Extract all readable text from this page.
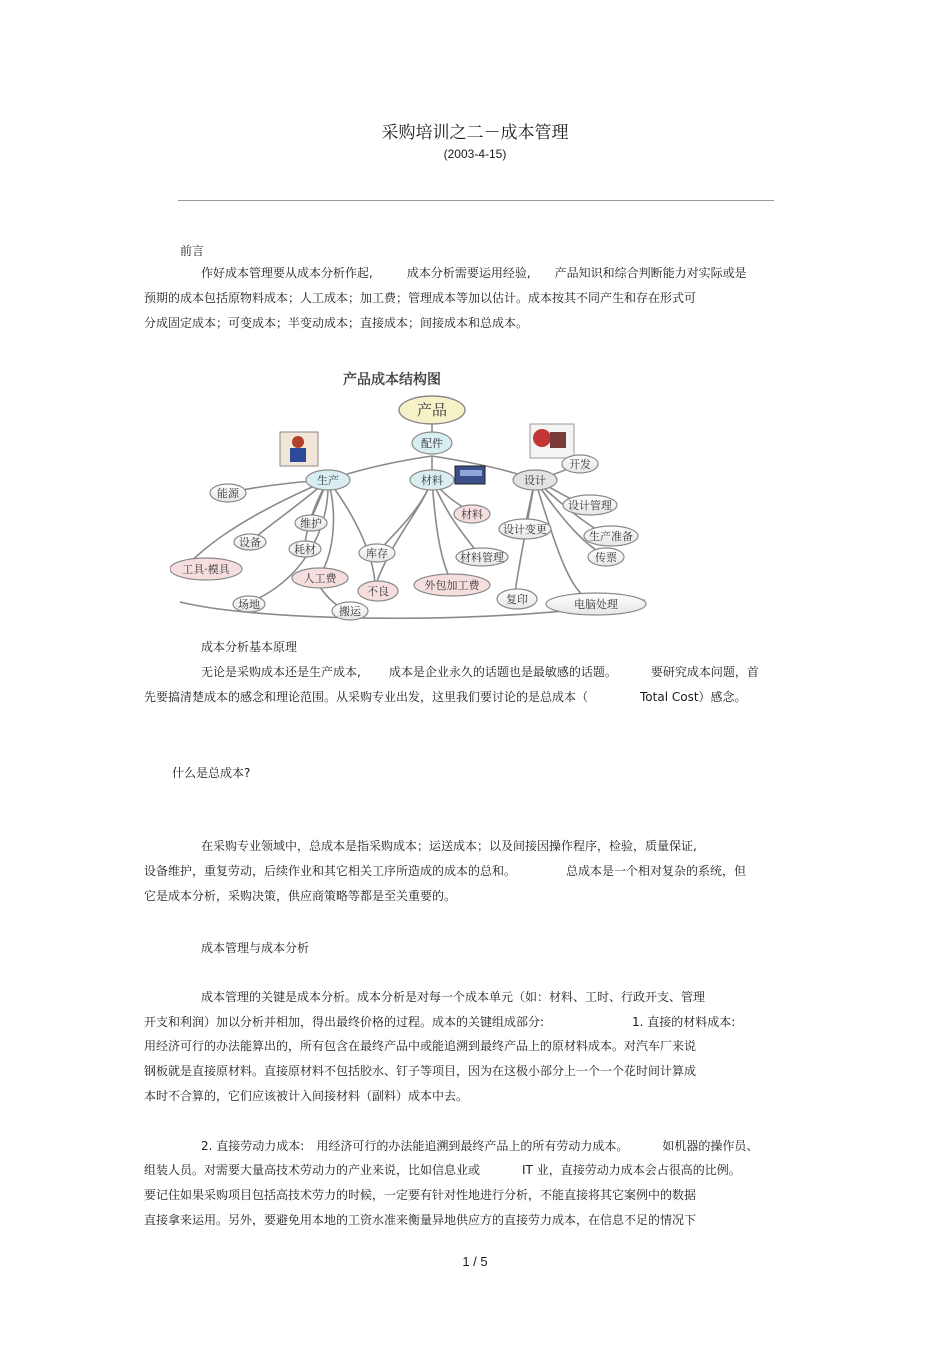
采购培训之二－成本管理
(2003-4-15)
前言
作好成本管理要从成本分析作起,	成本分析需要运用经验, 产品知识和综合判断能力对实际或是
预期的成本包括原物料成本；人工成本；加工费；管理成本等加以估计。成本按其不同产生和存在形式可
分成固定成本；可变成本；半变动成本；直接成本；间接成本和总成本。
产品成本结构图
产品
配件
生产	材料	设计
能源
维护
设备
耗材
工具·模具
人工费
库存
不良
场地
搬运
材料
材料管理
外包加工费
开发
设计管理
设计变更
生产准备
传票
复印	电脑处理
成本分析基本原理
无论是采购成本还是生产成本, 成本是企业永久的话题也是最敏感的话题。	要研究成本问题，首
先要搞清楚成本的感念和理论范围。从采购专业出发，这里我们要讨论的是总成本（	Total Cost）感念。
什么是总成本?
在采购专业领域中，总成本是指采购成本；运送成本；以及间接因操作程序，检验，质量保证,
设备维护，重复劳动，后续作业和其它相关工序所造成的成本的总和。	总成本是一个相对复杂的系统，但
它是成本分析，采购决策，供应商策略等都是至关重要的。
成本管理与成本分析
成本管理的关键是成本分析。成本分析是对每一个成本单元（如：材料、工时、行政开支、管理
开支和利润）加以分析并相加，得出最终价格的过程。成本的关键组成部分:	1. 直接的材料成本:
用经济可行的办法能算出的，所有包含在最终产品中或能追溯到最终产品上的原材料成本。对汽车厂来说
钢板就是直接原材料。直接原材料不包括胶水、钉子等项目，因为在这极小部分上一个一个花时间计算成
本时不合算的，它们应该被计入间接材料（副料）成本中去。
2. 直接劳动力成本: 用经济可行的办法能追溯到最终产品上的所有劳动力成本。	如机器的操作员、
组装人员。对需要大量高技术劳动力的产业来说，比如信息业或	IT 业，直接劳动力成本会占很高的比例。
要记住如果采购项目包括高技术劳力的时候，一定要有针对性地进行分析，不能直接将其它案例中的数据
直接拿来运用。另外，要避免用本地的工资水准来衡量异地供应方的直接劳力成本，在信息不足的情况下
1 / 5
